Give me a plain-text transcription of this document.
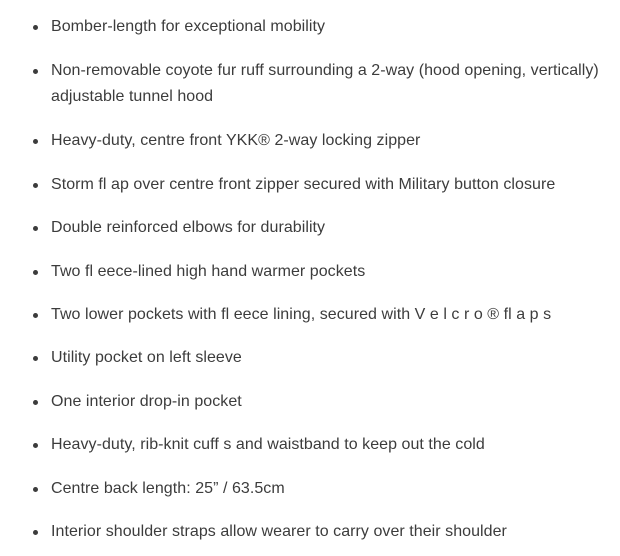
Bomber-length for exceptional mobility
Non-removable coyote fur ruff surrounding a 2-way (hood opening, vertically) adjustable tunnel hood
Heavy-duty, centre front YKK® 2-way locking zipper
Storm fl ap over centre front zipper secured with Military button closure
Double reinforced elbows for durability
Two fl eece-lined high hand warmer pockets
Two lower pockets with fl eece lining, secured with V e l c r o ® fl a p s
Utility pocket on left sleeve
One interior drop-in pocket
Heavy-duty, rib-knit cuff s and waistband to keep out the cold
Centre back length: 25” / 63.5cm
Interior shoulder straps allow wearer to carry over their shoulder
